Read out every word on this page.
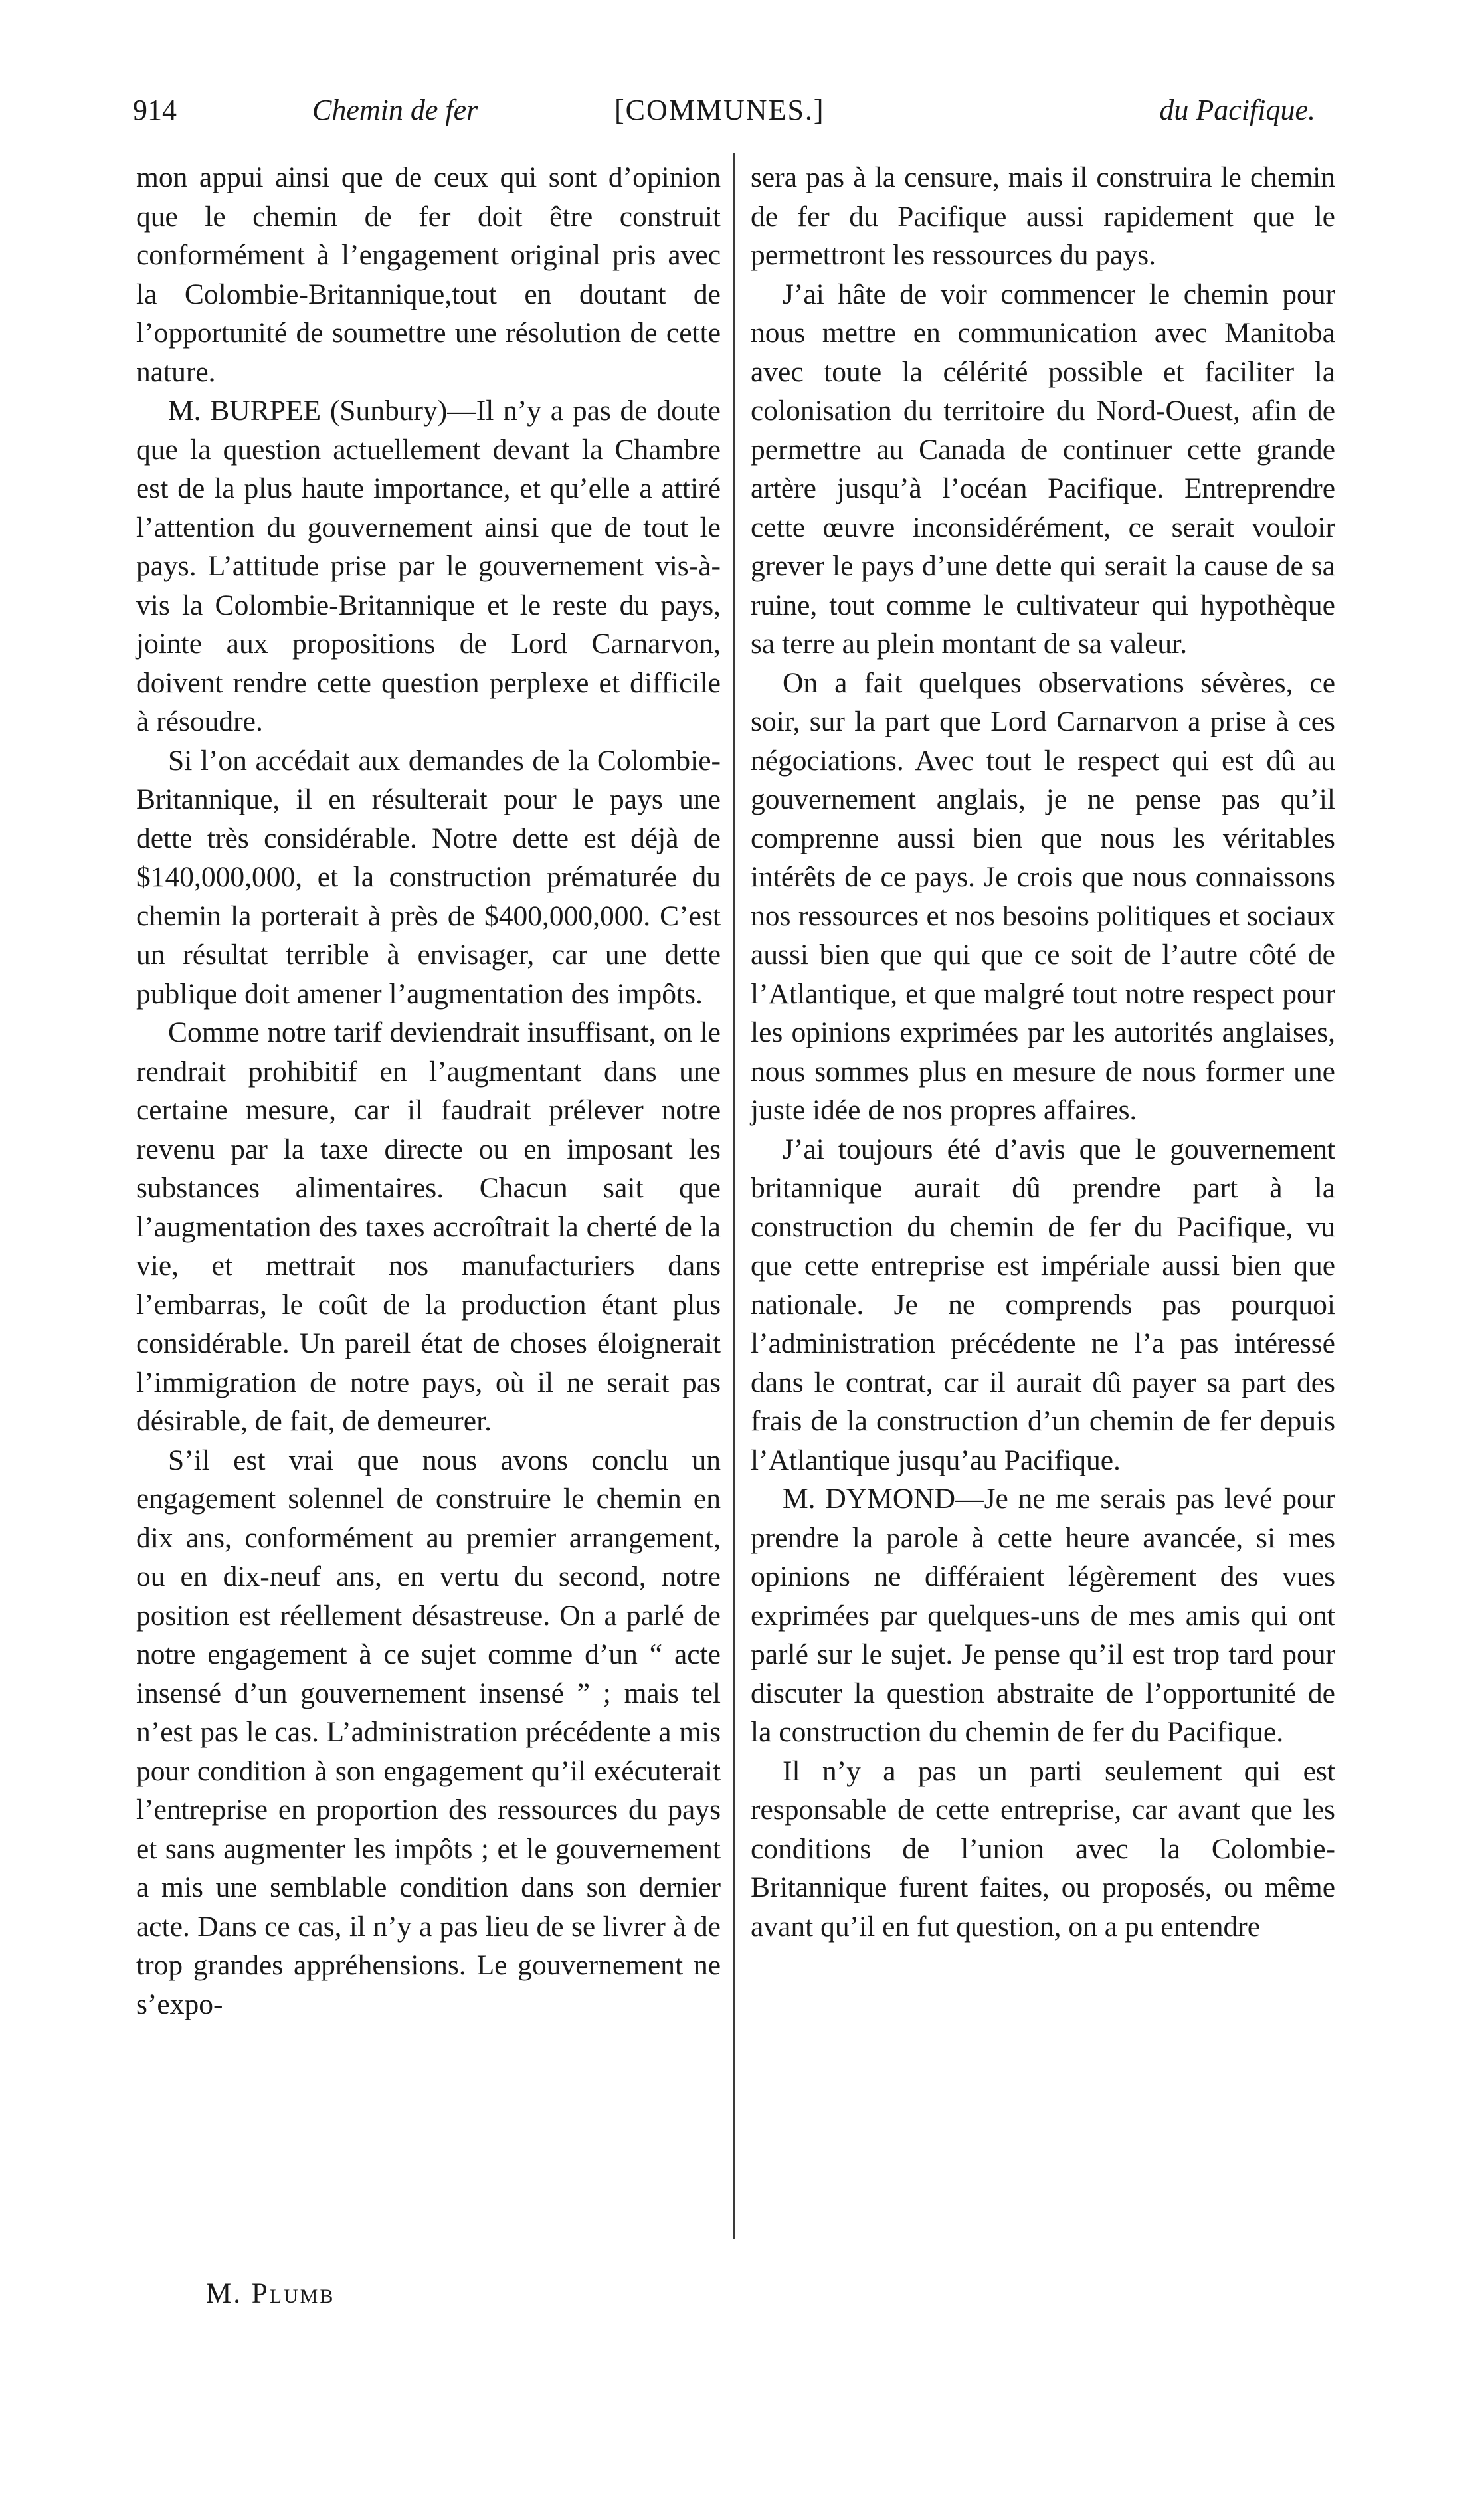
914	Chemin de fer	[COMMUNES.]	du Pacifique.

mon appui ainsi que de ceux qui sont d’opinion que le chemin de fer doit être construit conformément à l’engagement original pris avec la Colombie-Britannique,tout en doutant de l’opportunité de soumettre une résolution de cette nature.

M. BURPEE (Sunbury)—Il n’y a pas de doute que la question actuellement devant la Chambre est de la plus haute importance, et qu’elle a attiré l’attention du gouvernement ainsi que de tout le pays. L’attitude prise par le gouvernement vis-à-vis la Colombie-Britannique et le reste du pays, jointe aux propositions de Lord Carnarvon, doivent rendre cette question perplexe et difficile à résoudre.

Si l’on accédait aux demandes de la Colombie-Britannique, il en résulterait pour le pays une dette très considérable. Notre dette est déjà de $140,000,000, et la construction prématurée du chemin la porterait à près de $400,000,000. C’est un résultat terrible à envisager, car une dette publique doit amener l’augmentation des impôts.

Comme notre tarif deviendrait insuffisant, on le rendrait prohibitif en l’augmentant dans une certaine mesure, car il faudrait prélever notre revenu par la taxe directe ou en imposant les substances alimentaires. Chacun sait que l’augmentation des taxes accroîtrait la cherté de la vie, et mettrait nos manufacturiers dans l’embarras, le coût de la production étant plus considérable. Un pareil état de choses éloignerait l’immigration de notre pays, où il ne serait pas désirable, de fait, de demeurer.

S’il est vrai que nous avons conclu un engagement solennel de construire le chemin en dix ans, conformément au premier arrangement, ou en dix-neuf ans, en vertu du second, notre position est réellement désastreuse. On a parlé de notre engagement à ce sujet comme d’un “ acte insensé d’un gouvernement insensé ” ; mais tel n’est pas le cas. L’administration précédente a mis pour condition à son engagement qu’il exécuterait l’entreprise en proportion des ressources du pays et sans augmenter les impôts ; et le gouvernement a mis une semblable condition dans son dernier acte. Dans ce cas, il n’y a pas lieu de se livrer à de trop grandes appréhensions. Le gouvernement ne s’expo-

sera pas à la censure, mais il construira le chemin de fer du Pacifique aussi rapidement que le permettront les ressources du pays.

J’ai hâte de voir commencer le chemin pour nous mettre en communication avec Manitoba avec toute la célérité possible et faciliter la colonisation du territoire du Nord-Ouest, afin de permettre au Canada de continuer cette grande artère jusqu’à l’océan Pacifique. Entreprendre cette œuvre inconsidérément, ce serait vouloir grever le pays d’une dette qui serait la cause de sa ruine, tout comme le cultivateur qui hypothèque sa terre au plein montant de sa valeur.

On a fait quelques observations sévères, ce soir, sur la part que Lord Carnarvon a prise à ces négociations. Avec tout le respect qui est dû au gouvernement anglais, je ne pense pas qu’il comprenne aussi bien que nous les véritables intérêts de ce pays. Je crois que nous connaissons nos ressources et nos besoins politiques et sociaux aussi bien que qui que ce soit de l’autre côté de l’Atlantique, et que malgré tout notre respect pour les opinions exprimées par les autorités anglaises, nous sommes plus en mesure de nous former une juste idée de nos propres affaires.

J’ai toujours été d’avis que le gouvernement britannique aurait dû prendre part à la construction du chemin de fer du Pacifique, vu que cette entreprise est impériale aussi bien que nationale. Je ne comprends pas pourquoi l’administration précédente ne l’a pas intéressé dans le contrat, car il aurait dû payer sa part des frais de la construction d’un chemin de fer depuis l’Atlantique jusqu’au Pacifique.

M. DYMOND—Je ne me serais pas levé pour prendre la parole à cette heure avancée, si mes opinions ne différaient légèrement des vues exprimées par quelques-uns de mes amis qui ont parlé sur le sujet. Je pense qu’il est trop tard pour discuter la question abstraite de l’opportunité de la construction du chemin de fer du Pacifique.

Il n’y a pas un parti seulement qui est responsable de cette entreprise, car avant que les conditions de l’union avec la Colombie-Britannique furent faites, ou proposés, ou même avant qu’il en fut question, on a pu entendre

M. Plumb
